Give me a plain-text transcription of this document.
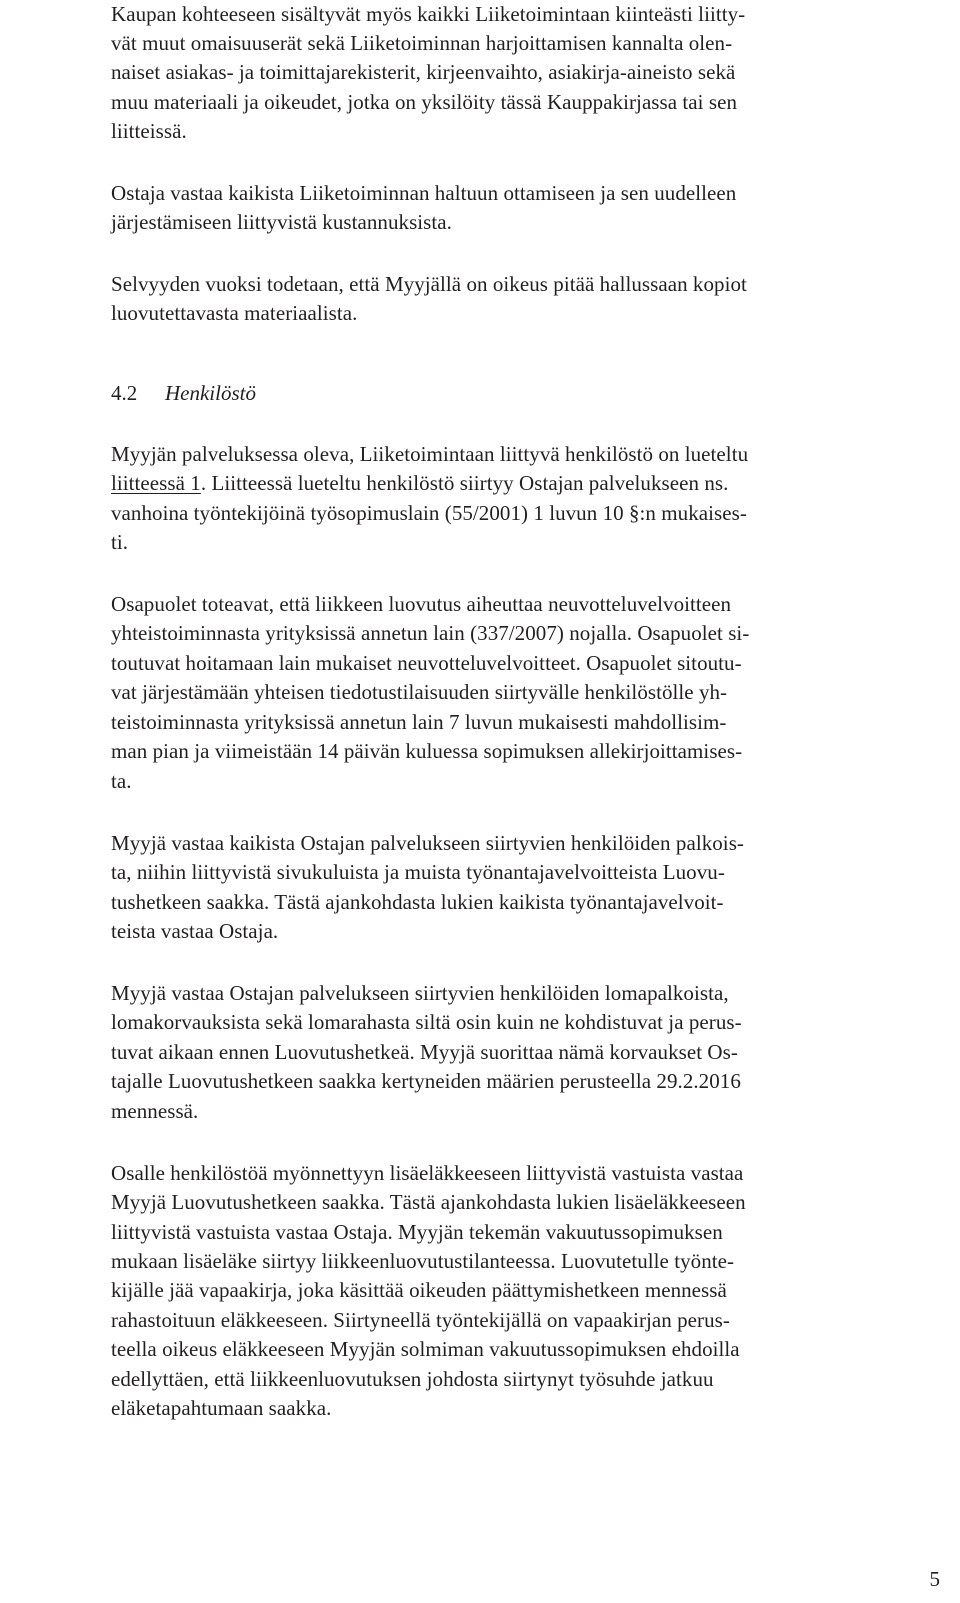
Kaupan kohteeseen sisältyvät myös kaikki Liiketoimintaan kiinteästi liitty-
vät muut omaisuuserät sekä Liiketoiminnan harjoittamisen kannalta olen-
naiset asiakas- ja toimittajarekisterit, kirjeenvaihto, asiakirja-aineisto sekä
muu materiaali ja oikeudet, jotka on yksilöity tässä Kauppakirjassa tai sen
liitteissä.
Ostaja vastaa kaikista Liiketoiminnan haltuun ottamiseen ja sen uudelleen
järjestämiseen liittyvistä kustannuksista.
Selvyyden vuoksi todetaan, että Myyjällä on oikeus pitää hallussaan kopiot
luovutettavasta materiaalista.
4.2 Henkilöstö
Myyjän palveluksessa oleva, Liiketoimintaan liittyvä henkilöstö on lueteltu
liitteessä 1. Liitteessä lueteltu henkilöstö siirtyy Ostajan palvelukseen ns.
vanhoina työntekijöinä työsopimuslain (55/2001) 1 luvun 10 §:n mukaises-
ti.
Osapuolet toteavat, että liikkeen luovutus aiheuttaa neuvotteluvelvoitteen
yhteistoiminnasta yrityksissä annetun lain (337/2007) nojalla. Osapuolet si-
toutuvat hoitamaan lain mukaiset neuvotteluvelvoitteet. Osapuolet sitoutu-
vat järjestämään yhteisen tiedotustilaisuuden siirtyvälle henkilöstölle yh-
teistoiminnasta yrityksissä annetun lain 7 luvun mukaisesti mahdollisim-
man pian ja viimeistään 14 päivän kuluessa sopimuksen allekirjoittamises-
ta.
Myyjä vastaa kaikista Ostajan palvelukseen siirtyvien henkilöiden palkois-
ta, niihin liittyvistä sivukuluista ja muista työnantajavelvoitteista Luovu-
tushetkeen saakka. Tästä ajankohdasta lukien kaikista työnantajavelvoit-
teista vastaa Ostaja.
Myyjä vastaa Ostajan palvelukseen siirtyvien henkilöiden lomapalkoista,
lomakorvauksista sekä lomarahasta siltä osin kuin ne kohdistuvat ja perus-
tuvat aikaan ennen Luovutushetkeä. Myyjä suorittaa nämä korvaukset Os-
tajalle Luovutushetkeen saakka kertyneiden määrien perusteella 29.2.2016
mennessä.
Osalle henkilöstöä myönnettyyn lisäeläkkeeseen liittyvistä vastuista vastaa
Myyjä Luovutushetkeen saakka. Tästä ajankohdasta lukien lisäeläkkeeseen
liittyvistä vastuista vastaa Ostaja. Myyjän tekemän vakuutussopimuksen
mukaan lisäeläke siirtyy liikkeenluovutustilanteessa. Luovutetulle työnte-
kijälle jää vapaakirja, joka käsittää oikeuden päättymishetkeen mennessä
rahastoituun eläkkeeseen. Siirtyneellä työntekijällä on vapaakirjan perus-
teella oikeus eläkkeeseen Myyjän solmiman vakuutussopimuksen ehdoilla
edellyttäen, että liikkeenluovutuksen johdosta siirtynyt työsuhde jatkuu
eläketapahtumaan saakka.
5
